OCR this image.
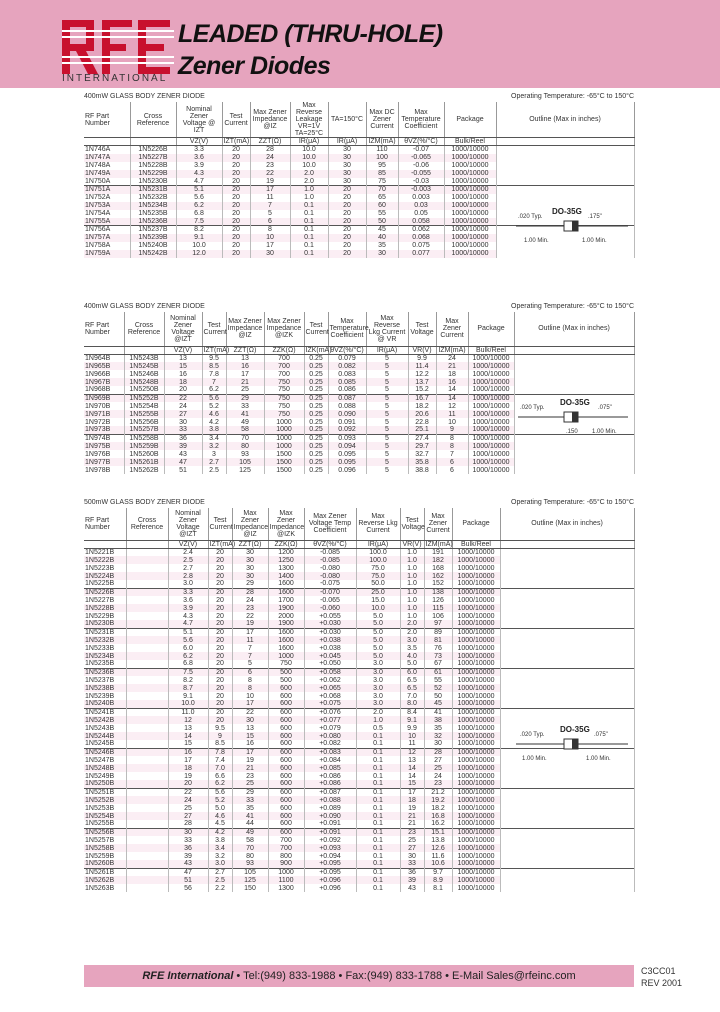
INTERNATIONAL
LEADED (THRU-HOLE)
Zener Diodes
400mW GLASS BODY ZENER DIODE	Operating Temperature: -65°C to 150°C
RF Part Number	Cross Reference	Nominal Zener Voltage @ IZT	Test Current	Max Zener Impedance @IZ	Max Reverse Leakage VR=1V TA=25°C	TA=150°C	Max DC Zener Current	Max Temperature Coefficient	Package	Outline (Max in inches)
		VZ(V)	IZT(mA)	ZZT(Ω)	IR(μA)	IR(μA)	IZM(mA)	θVZ(%/°C)	Bulk/Reel	
1N746A	1N5226B	3.3	20	28	10.0	30	110	-0.07	1000/10000	
1N747A	1N5227B	3.6	20	24	10.0	30	100	-0.065	1000/10000	
1N748A	1N5228B	3.9	20	23	10.0	30	95	-0.06	1000/10000	
1N749A	1N5229B	4.3	20	22	2.0	30	85	-0.055	1000/10000	
1N750A	1N5230B	4.7	20	19	2.0	30	75	-0.03	1000/10000	
1N751A	1N5231B	5.1	20	17	1.0	20	70	-0.003	1000/10000	
1N752A	1N5232B	5.6	20	11	1.0	20	65	0.003	1000/10000	
1N753A	1N5234B	6.2	20	7	0.1	20	60	0.03	1000/10000	
1N754A	1N5235B	6.8	20	5	0.1	20	55	0.05	1000/10000	
1N755A	1N5236B	7.5	20	6	0.1	20	50	0.058	1000/10000	
1N756A	1N5237B	8.2	20	8	0.1	20	45	0.062	1000/10000	
1N757A	1N5239B	9.1	20	10	0.1	20	40	0.068	1000/10000	
1N758A	1N5240B	10.0	20	17	0.1	20	35	0.075	1000/10000	
1N759A	1N5242B	12.0	20	30	0.1	20	30	0.077	1000/10000	
.020 Typ.
DO-35G
.175"
1.00 Min.	1.00 Min.
400mW GLASS BODY ZENER DIODE	Operating Temperature: -65°C to 150°C
RF Part Number	Cross Reference	Nominal Zener Voltage @IZT	Test Current	Max Zener Impedance @IZ	Max Zener Impedance @IZK	Test Current	Max Temperature Coefficient	Max Reverse Lkg Current @ VR	Test Voltage	Max Zener Current	Package	Outline (Max in inches)
		VZ(V)	IZT(mA)	ZZT(Ω)	ZZK(Ω)	IZK(mA)	θVZ(%/°C)	IR(μA)	VR(V)	IZM(mA)	Bulk/Reel	
1N964B	1N5243B	13	9.5	13	700	0.25	0.079	5	9.9	24	1000/10000	
1N965B	1N5245B	15	8.5	16	700	0.25	0.082	5	11.4	21	1000/10000	
1N966B	1N5246B	16	7.8	17	700	0.25	0.083	5	12.2	18	1000/10000	
1N967B	1N5248B	18	7	21	750	0.25	0.085	5	13.7	16	1000/10000	
1N968B	1N5250B	20	6.2	25	750	0.25	0.086	5	15.2	14	1000/10000	
1N969B	1N5252B	22	5.6	29	750	0.25	0.087	5	16.7	14	1000/10000	
1N970B	1N5254B	24	5.2	33	750	0.25	0.088	5	18.2	12	1000/10000	
1N971B	1N5255B	27	4.6	41	750	0.25	0.090	5	20.6	11	1000/10000	
1N972B	1N5256B	30	4.2	49	1000	0.25	0.091	5	22.8	10	1000/10000	
1N973B	1N5257B	33	3.8	58	1000	0.25	0.092	5	25.1	9	1000/10000	
1N974B	1N5258B	36	3.4	70	1000	0.25	0.093	5	27.4	8	1000/10000	
1N975B	1N5259B	39	3.2	80	1000	0.25	0.094	5	29.7	8	1000/10000	
1N976B	1N5260B	43	3	93	1500	0.25	0.095	5	32.7	7	1000/10000	
1N977B	1N5261B	47	2.7	105	1500	0.25	0.095	5	35.8	6	1000/10000	
1N978B	1N5262B	51	2.5	125	1500	0.25	0.096	5	38.8	6	1000/10000	
.020 Typ.
DO-35G
.075"
.150 1.00 Min.
500mW GLASS BODY ZENER DIODE	Operating Temperature: -65°C to 150°C
RF Part Number	Cross Reference	Nominal Zener Voltage @IZT	Test Current	Max Zener Impedance @IZ	Max Zener Impedance @IZK	Max Zener Voltage Temp Coefficient	Max Reverse Lkg Current	Test Voltage	Max Zener Current	Package	Outline (Max in inches)
		VZ(V)	IZT(mA)	ZZT(Ω)	ZZK(Ω)	θVZ(%/°C)	IR(μA)	VR(V)	IZM(mA)	Bulk/Reel	
1N5221B		2.4	20	30	1200	-0.085	100.0	1.0	191	1000/10000	
1N5222B		2.5	20	30	1250	-0.085	100.0	1.0	182	1000/10000	
1N5223B		2.7	20	30	1300	-0.080	75.0	1.0	168	1000/10000	
1N5224B		2.8	20	30	1400	-0.080	75.0	1.0	162	1000/10000	
1N5225B		3.0	20	29	1600	-0.075	50.0	1.0	152	1000/10000	
1N5226B		3.3	20	28	1600	-0.070	25.0	1.0	138	1000/10000	
1N5227B		3.6	20	24	1700	-0.065	15.0	1.0	126	1000/10000	
1N5228B		3.9	20	23	1900	-0.060	10.0	1.0	115	1000/10000	
1N5229B		4.3	20	22	2000	+0.055	5.0	1.0	106	1000/10000	
1N5230B		4.7	20	19	1900	+0.030	5.0	2.0	97	1000/10000	
1N5231B		5.1	20	17	1600	+0.030	5.0	2.0	89	1000/10000	
1N5232B		5.6	20	11	1600	+0.038	5.0	3.0	81	1000/10000	
1N5233B		6.0	20	7	1600	+0.038	5.0	3.5	76	1000/10000	
1N5234B		6.2	20	7	1000	+0.045	5.0	4.0	73	1000/10000	
1N5235B		6.8	20	5	750	+0.050	3.0	5.0	67	1000/10000	
1N5236B		7.5	20	6	500	+0.058	3.0	6.0	61	1000/10000	
1N5237B		8.2	20	8	500	+0.062	3.0	6.5	55	1000/10000	
1N5238B		8.7	20	8	600	+0.065	3.0	6.5	52	1000/10000	
1N5239B		9.1	20	10	600	+0.068	3.0	7.0	50	1000/10000	
1N5240B		10.0	20	17	600	+0.075	3.0	8.0	45	1000/10000	
1N5241B		11.0	20	22	600	+0.076	2.0	8.4	41	1000/10000	
1N5242B		12	20	30	600	+0.077	1.0	9.1	38	1000/10000	
1N5243B		13	9.5	13	600	+0.079	0.5	9.9	35	1000/10000	
1N5244B		14	9	15	600	+0.080	0.1	10	32	1000/10000	
1N5245B		15	8.5	16	600	+0.082	0.1	11	30	1000/10000	
1N5246B		16	7.8	17	600	+0.083	0.1	12	28	1000/10000	
1N5247B		17	7.4	19	600	+0.084	0.1	13	27	1000/10000	
1N5248B		18	7.0	21	600	+0.085	0.1	14	25	1000/10000	
1N5249B		19	6.6	23	600	+0.086	0.1	14	24	1000/10000	
1N5250B		20	6.2	25	600	+0.086	0.1	15	23	1000/10000	
1N5251B		22	5.6	29	600	+0.087	0.1	17	21.2	1000/10000	
1N5252B		24	5.2	33	600	+0.088	0.1	18	19.2	1000/10000	
1N5253B		25	5.0	35	600	+0.089	0.1	19	18.2	1000/10000	
1N5254B		27	4.6	41	600	+0.090	0.1	21	16.8	1000/10000	
1N5255B		28	4.5	44	600	+0.091	0.1	21	16.2	1000/10000	
1N5256B		30	4.2	49	600	+0.091	0.1	23	15.1	1000/10000	
1N5257B		33	3.8	58	700	+0.092	0.1	25	13.8	1000/10000	
1N5258B		36	3.4	70	700	+0.093	0.1	27	12.6	1000/10000	
1N5259B		39	3.2	80	800	+0.094	0.1	30	11.6	1000/10000	
1N5260B		43	3.0	93	900	+0.095	0.1	33	10.6	1000/10000	
1N5261B		47	2.7	105	1000	+0.095	0.1	36	9.7	1000/10000	
1N5262B		51	2.5	125	1100	+0.096	0.1	39	8.9	1000/10000	
1N5263B		56	2.2	150	1300	+0.096	0.1	43	8.1	1000/10000	
.020 Typ.
DO-35G
.075"
1.00 Min.	1.00 Min.
RFE International • Tel:(949) 833-1988 • Fax:(949) 833-1788 • E-Mail Sales@rfeinc.com	C3CC01
REV 2001
